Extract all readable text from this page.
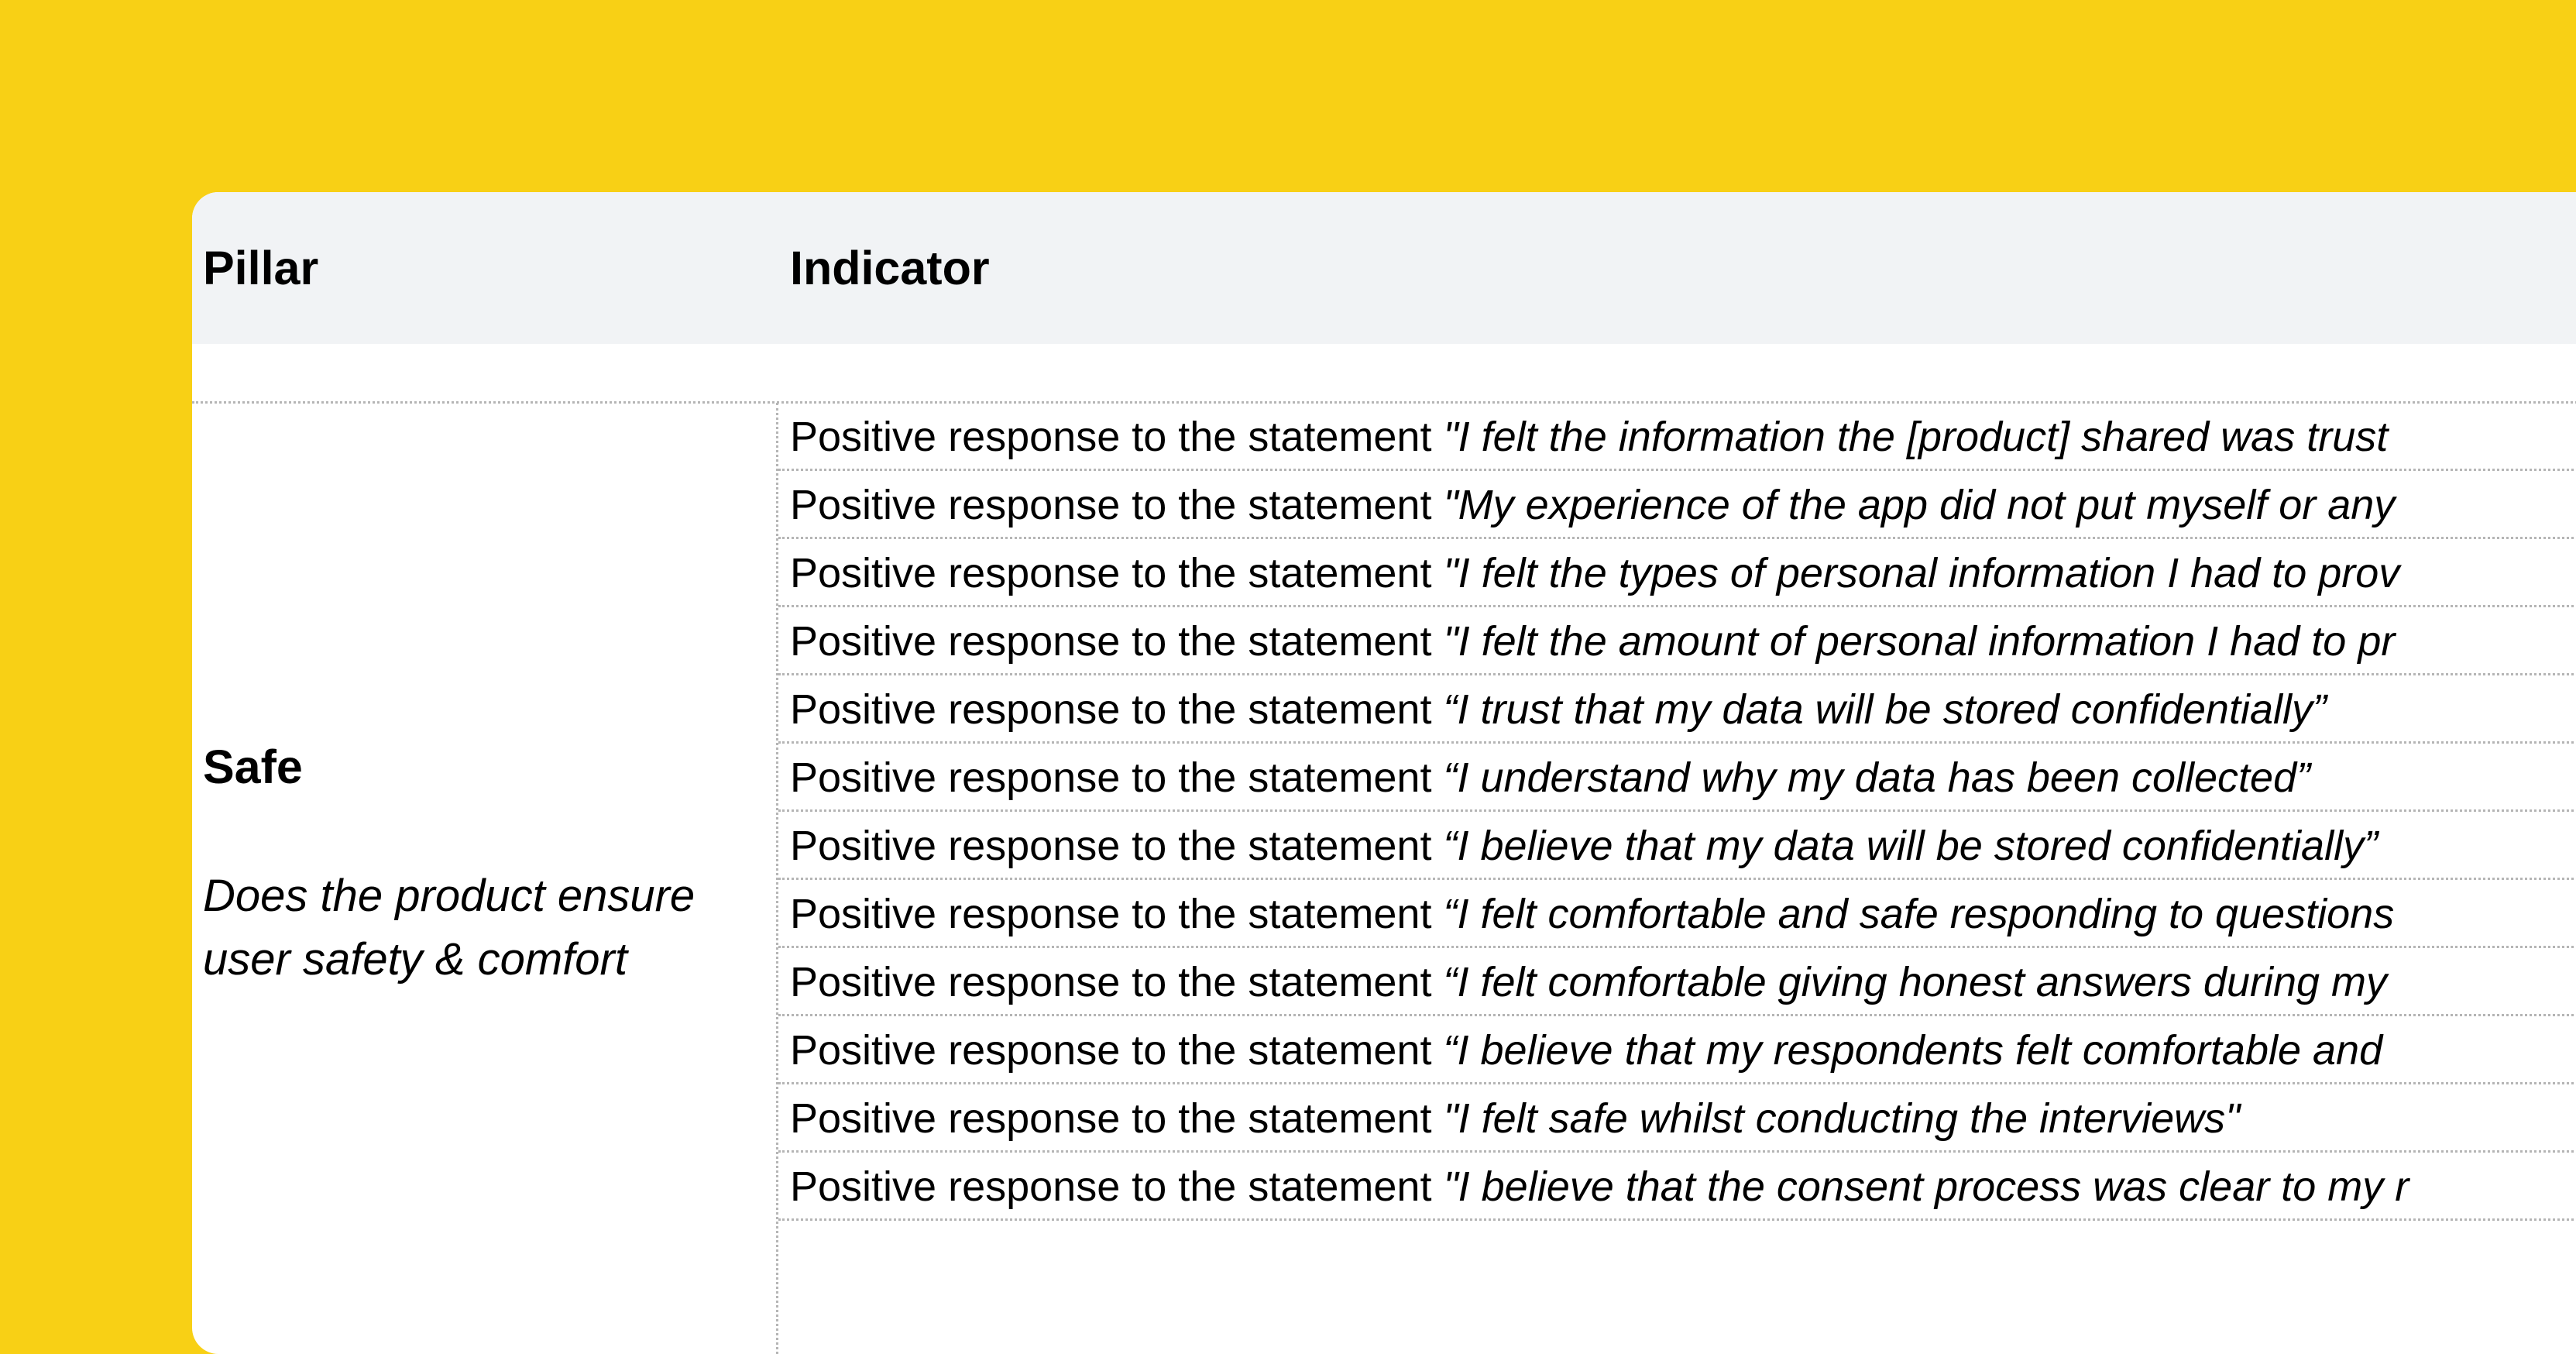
Pillar	Indicator
Safe
Does the product ensure user safety & comfort
Positive response to the statement "I felt the information the [product] shared was trust
Positive response to the statement "My experience of the app did not put myself or any
Positive response to the statement "I felt the types of personal information I had to prov
Positive response to the statement "I felt the amount of personal information I had to pr
Positive response to the statement “I trust that my data will be stored confidentially”
Positive response to the statement “I understand why my data has been collected”
Positive response to the statement “I believe that my data will be stored confidentially”
Positive response to the statement “I felt comfortable and safe responding to questions
Positive response to the statement “I felt comfortable giving honest answers during my
Positive response to the statement “I believe that my respondents felt comfortable and
Positive response to the statement "I felt safe whilst conducting the interviews"
Positive response to the statement "I believe that the consent process was clear to my r
